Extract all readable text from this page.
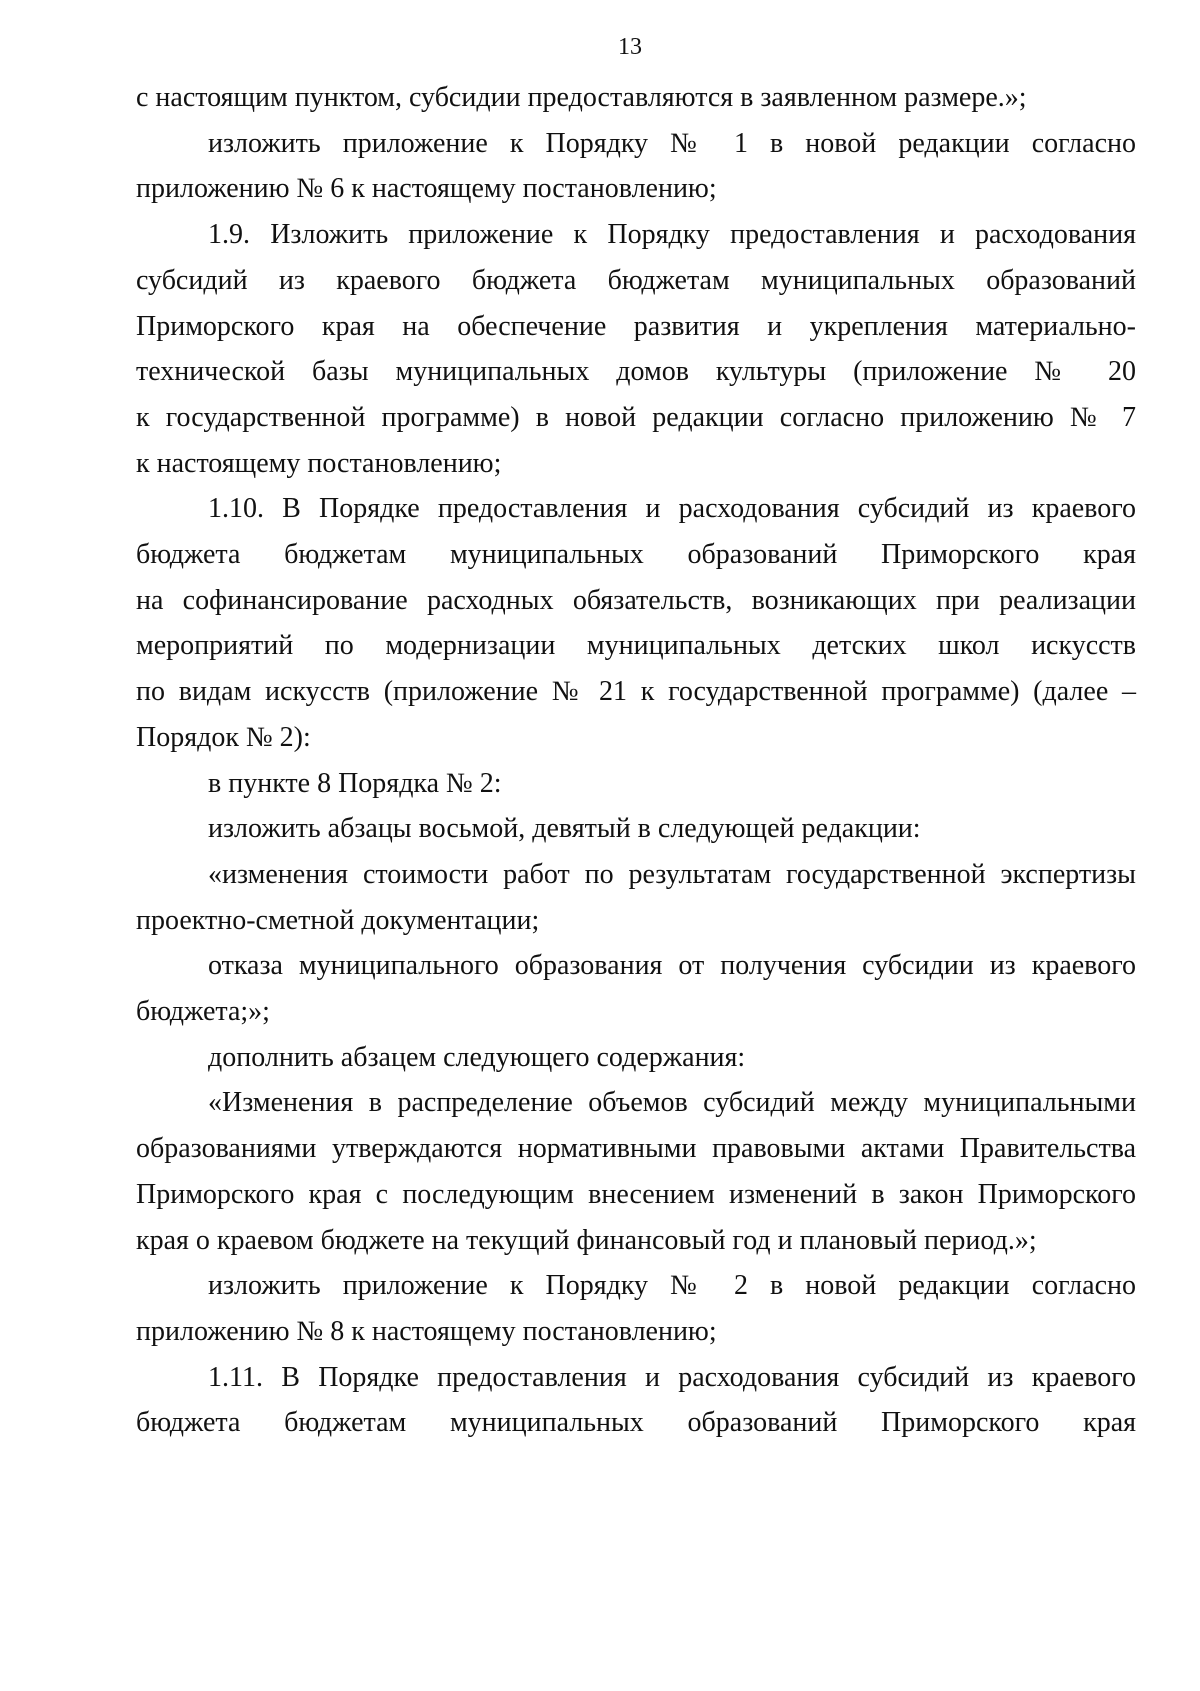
13
с настоящим пунктом, субсидии предоставляются в заявленном размере.»;
изложить приложение к Порядку № 1 в новой редакции согласно
приложению № 6 к настоящему постановлению;
1.9. Изложить приложение к Порядку предоставления и расходования
субсидий из краевого бюджета бюджетам муниципальных образований
Приморского края на обеспечение развития и укрепления материально-
технической базы муниципальных домов культуры (приложение № 20
к государственной программе) в новой редакции согласно приложению № 7
к настоящему постановлению;
1.10. В Порядке предоставления и расходования субсидий из краевого
бюджета бюджетам муниципальных образований Приморского края
на софинансирование расходных обязательств, возникающих при реализации
мероприятий по модернизации муниципальных детских школ искусств
по видам искусств (приложение № 21 к государственной программе) (далее –
Порядок № 2):
в пункте 8 Порядка № 2:
изложить абзацы восьмой, девятый в следующей редакции:
«изменения стоимости работ по результатам государственной экспертизы
проектно-сметной документации;
отказа муниципального образования от получения субсидии из краевого
бюджета;»;
дополнить абзацем следующего содержания:
«Изменения в распределение объемов субсидий между муниципальными
образованиями утверждаются нормативными правовыми актами Правительства
Приморского края с последующим внесением изменений в закон Приморского
края о краевом бюджете на текущий финансовый год и плановый период.»;
изложить приложение к Порядку № 2 в новой редакции согласно
приложению № 8 к настоящему постановлению;
1.11. В Порядке предоставления и расходования субсидий из краевого
бюджета бюджетам муниципальных образований Приморского края
